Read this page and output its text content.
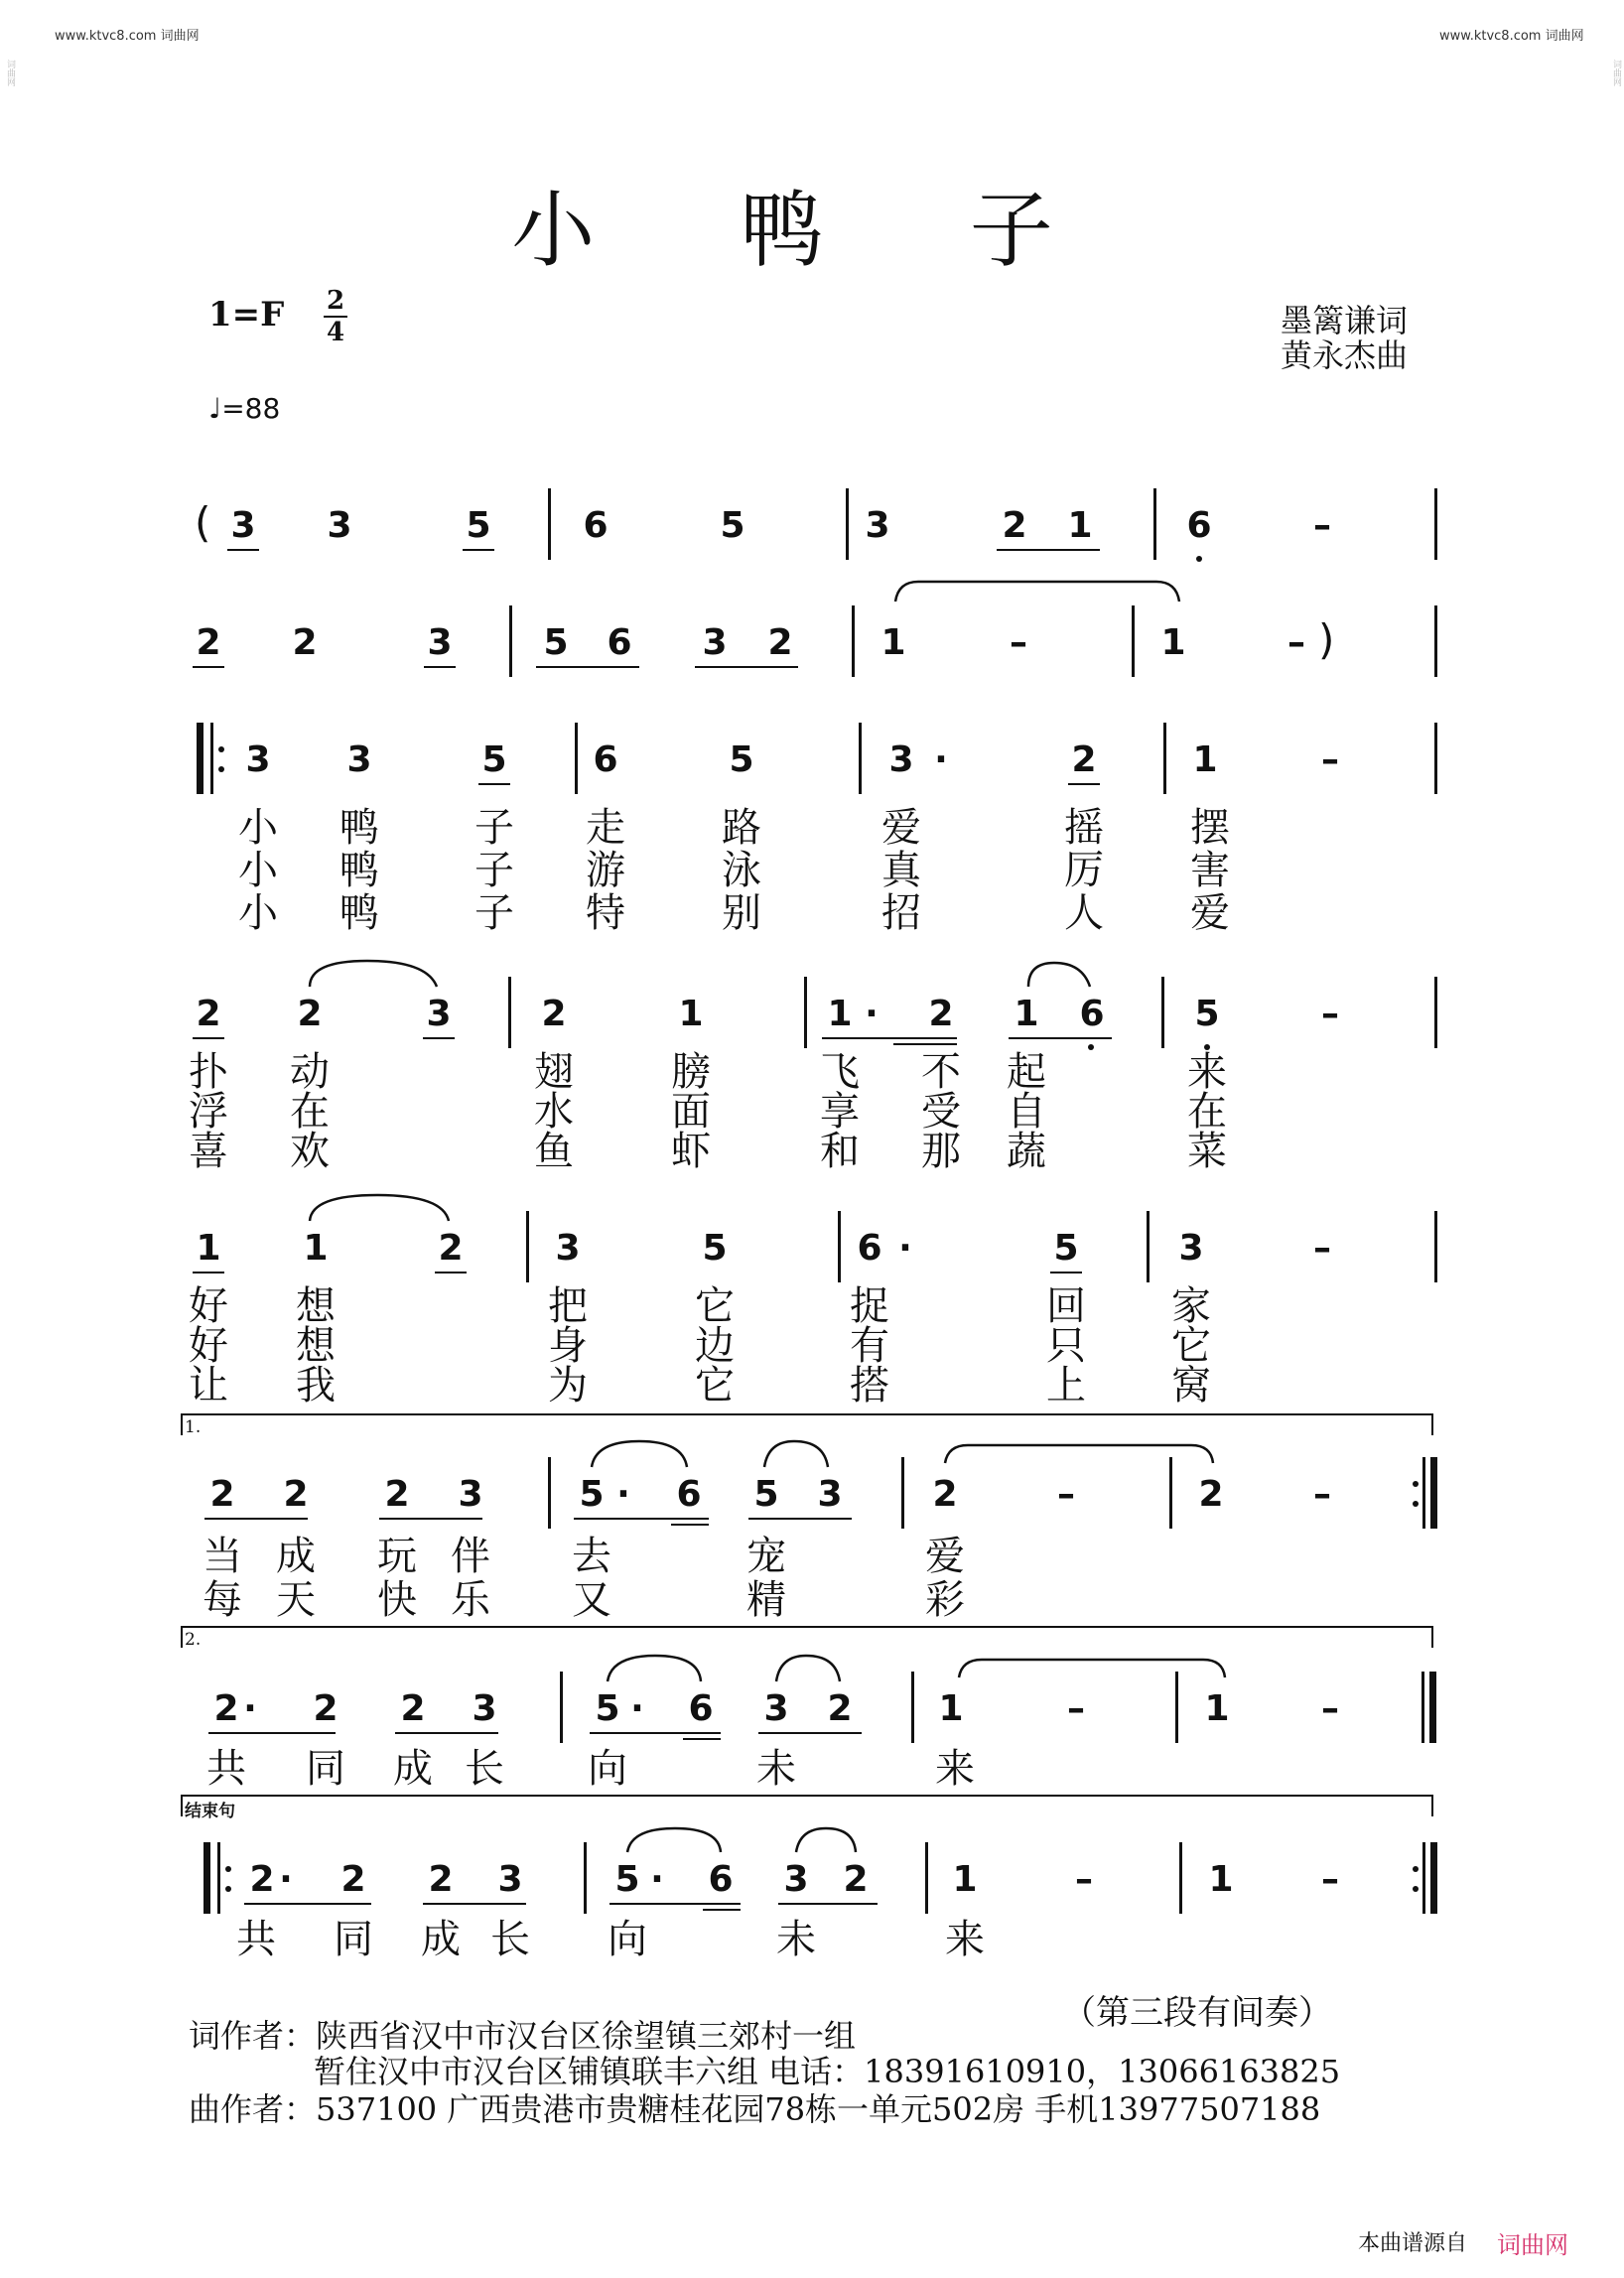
www.ktvc8.com 词曲网	www.ktvc8.com 词曲网
小 鸭 子
1=F 2
4
♩=88
墨篱谦词
黄永杰曲
( 3 3	5	6	5	3	2 1	6	–
2 2	3	5 6 3 2 1	–	1	– )
3 3	5 6	5	3 ·	2	1	–
小 鸭 子 走 路	爱	摇 摆
小 鸭 子 游 泳	真	厉 害
小 鸭 子 特 别	招	人 爱
2 2	3	2	1	1 ·	2 1 6	5	–
扑 动	翅 膀	飞 不 起	来
浮 在	水 面	享 受 自	在
喜 欢	鱼 虾	和 那 蔬	菜
1 1	2	3	5	6 ·	5	3	–
好 想	把	它	捉	回 家
好 想	身	边	有	只 它
让 我	为	它	搭	上 窝
1.
2 2 2 3	5 ·	6 5 3	2	–	2	–
当 成 玩 伴 去	宠	爱
每 天 快 乐 又	精	彩
2.
2 ·	2 2 3	5 ·	6 3 2 1	–	1	–
共 同 成 长 向	未	来
结束句
2 ·	2 2 3	5 ·	6 3 2 1	–	1	–
共 同 成 长 向	未	来
（第三段有间奏）
词作者：陕西省汉中市汉台区徐望镇三郊村一组
暂住汉中市汉台区铺镇联丰六组 电话：18391610910，13066163825
曲作者：537100 广西贵港市贵糖桂花园78栋一单元502房 手机13977507188
本曲谱源自 词曲网
词曲网	词曲网
